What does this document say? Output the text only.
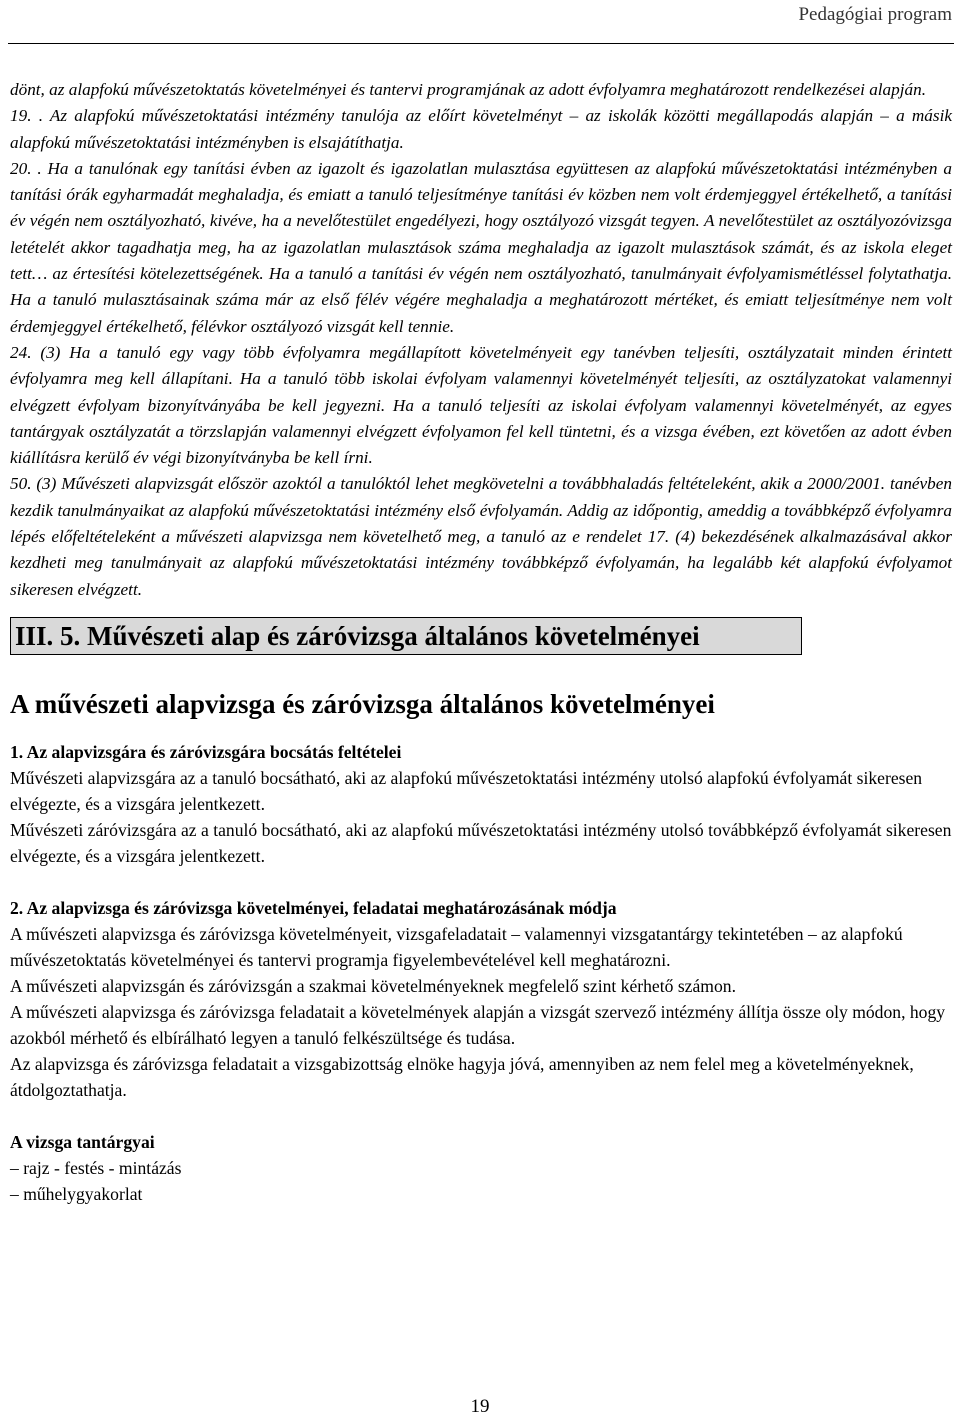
Pedagógiai program

dönt, az alapfokú művészetoktatás követelményei és tantervi programjának az adott évfolyamra meghatározott rendelkezései alapján.

19. . Az alapfokú művészetoktatási intézmény tanulója az előírt követelményt – az iskolák közötti megállapodás alapján – a másik alapfokú művészetoktatási intézményben is elsajátíthatja.

20. . Ha a tanulónak egy tanítási évben az igazolt és igazolatlan mulasztása együttesen az alapfokú művészetoktatási intézményben a tanítási órák egyharmadát meghaladja, és emiatt a tanuló teljesítménye tanítási év közben nem volt érdemjeggyel értékelhető, a tanítási év végén nem osztályozható, kivéve, ha a nevelőtestület engedélyezi, hogy osztályozó vizsgát tegyen. A nevelőtestület az osztályozóvizsga letételét akkor tagadhatja meg, ha az igazolatlan mulasztások száma meghaladja az igazolt mulasztások számát, és az iskola eleget tett… az értesítési kötelezettségének. Ha a tanuló a tanítási év végén nem osztályozható, tanulmányait évfolyamismétléssel folytathatja. Ha a tanuló mulasztásainak száma már az első félév végére meghaladja a meghatározott mértéket, és emiatt teljesítménye nem volt érdemjeggyel értékelhető, félévkor osztályozó vizsgát kell tennie.

24. (3) Ha a tanuló egy vagy több évfolyamra megállapított követelményeit egy tanévben teljesíti, osztályzatait minden érintett évfolyamra meg kell állapítani. Ha a tanuló több iskolai évfolyam valamennyi követelményét teljesíti, az osztályzatokat valamennyi elvégzett évfolyam bizonyítványába be kell jegyezni. Ha a tanuló teljesíti az iskolai évfolyam valamennyi követelményét, az egyes tantárgyak osztályzatát a törzslapján valamennyi elvégzett évfolyamon fel kell tüntetni, és a vizsga évében, ezt követően az adott évben kiállításra kerülő év végi bizonyítványba be kell írni.

50. (3) Művészeti alapvizsgát először azoktól a tanulóktól lehet megkövetelni a továbbhaladás feltételeként, akik a 2000/2001. tanévben kezdik tanulmányaikat az alapfokú művészetoktatási intézmény első évfolyamán. Addig az időpontig, ameddig a továbbképző évfolyamra lépés előfeltételeként a művészeti alapvizsga nem követelhető meg, a tanuló az e rendelet 17. (4) bekezdésének alkalmazásával akkor kezdheti meg tanulmányait az alapfokú művészetoktatási intézmény továbbképző évfolyamán, ha legalább két alapfokú évfolyamot sikeresen elvégzett.

III. 5. Művészeti alap és záróvizsga általános követelményei
A művészeti alapvizsga és záróvizsga általános követelményei

1. Az alapvizsgára és záróvizsgára bocsátás feltételei

Művészeti alapvizsgára az a tanuló bocsátható, aki az alapfokú művészetoktatási intézmény utolsó alapfokú évfolyamát sikeresen elvégezte, és a vizsgára jelentkezett.

Művészeti záróvizsgára az a tanuló bocsátható, aki az alapfokú művészetoktatási intézmény utolsó továbbképző évfolyamát sikeresen elvégezte, és a vizsgára jelentkezett.

2. Az alapvizsga és záróvizsga követelményei, feladatai meghatározásának módja

A művészeti alapvizsga és záróvizsga követelményeit, vizsgafeladatait – valamennyi vizsgatantárgy tekintetében – az alapfokú művészetoktatás követelményei és tantervi programja figyelembevételével kell meghatározni.

A művészeti alapvizsgán és záróvizsgán a szakmai követelményeknek megfelelő szint kérhető számon.

A művészeti alapvizsga és záróvizsga feladatait a követelmények alapján a vizsgát szervező intézmény állítja össze oly módon, hogy azokból mérhető és elbírálható legyen a tanuló felkészültsége és tudása.

Az alapvizsga és záróvizsga feladatait a vizsgabizottság elnöke hagyja jóvá, amennyiben az nem felel meg a követelményeknek, átdolgoztathatja.

A vizsga tantárgyai

– rajz - festés - mintázás

– műhelygyakorlat

19
